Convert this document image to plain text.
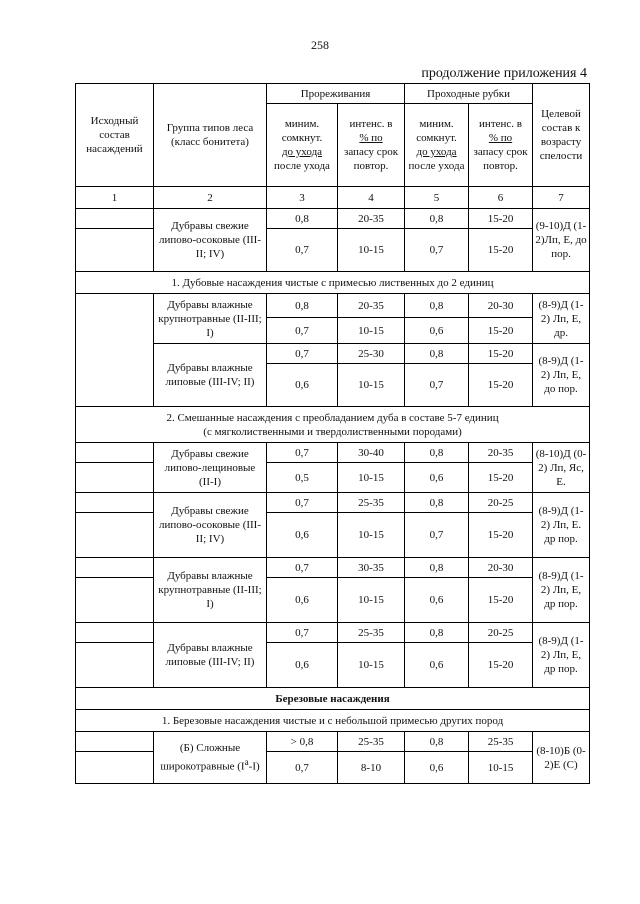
258
продолжение приложения 4
Исходный состав насаждений	Группа типов леса (класс бонитета)	Прореживания		Проходные рубки		Целевой состав к возрасту спелости
		миним. сомкнут.
до ухода
после ухода	интенс. в
% по
запасу срок повтор.	миним. сомкнут.
до ухода
после ухода	интенс. в
% по
запасу срок повтор.	
1	2	3	4	5	6	7
	Дубравы свежие липово-осоковые (III-II; IV)	0,8	20-35	0,8	15-20	(9-10)Д (1-2)Лп, Е, до пор.
		0,7	10-15	0,7	15-20	
1. Дубовые насаждения чистые с примесью лиственных до 2 единиц						
	Дубравы влажные крупнотравные (II-III; I)	0,8	20-35	0,8	20-30	(8-9)Д (1-2) Лп, Е, др.
		0,7	10-15	0,6	15-20	
	Дубравы влажные липовые (III-IV; II)	0,7	25-30	0,8	15-20	(8-9)Д (1-2) Лп, Е, до пор.
		0,6	10-15	0,7	15-20	
2. Смешанные насаждения с преобладанием дуба в составе 5-7 единиц
(с мягколиственными и твердолиственными породами)						
	Дубравы свежие липово-лещиновые (II-I)	0,7	30-40	0,8	20-35	(8-10)Д (0-2) Лп, Яс, Е.
		0,5	10-15	0,6	15-20	
	Дубравы свежие липово-осоковые (III-II; IV)	0,7	25-35	0,8	20-25	(8-9)Д (1-2) Лп, Е. др пор.
		0,6	10-15	0,7	15-20	
	Дубравы влажные крупнотравные (II-III; I)	0,7	30-35	0,8	20-30	(8-9)Д (1-2) Лп, Е, др пор.
		0,6	10-15	0,6	15-20	
	Дубравы влажные липовые (III-IV; II)	0,7	25-35	0,8	20-25	(8-9)Д (1-2) Лп, Е, др пор.
		0,6	10-15	0,6	15-20	
Березовые насаждения						
1. Березовые насаждения чистые и с небольшой примесью других пород						
	(Б) Сложные широкотравные $(I^a-I)$	> 0,8	25-35	0,8	25-35	(8-10)Б (0-2)Е (С)
		0,7	8-10	0,6	10-15	
